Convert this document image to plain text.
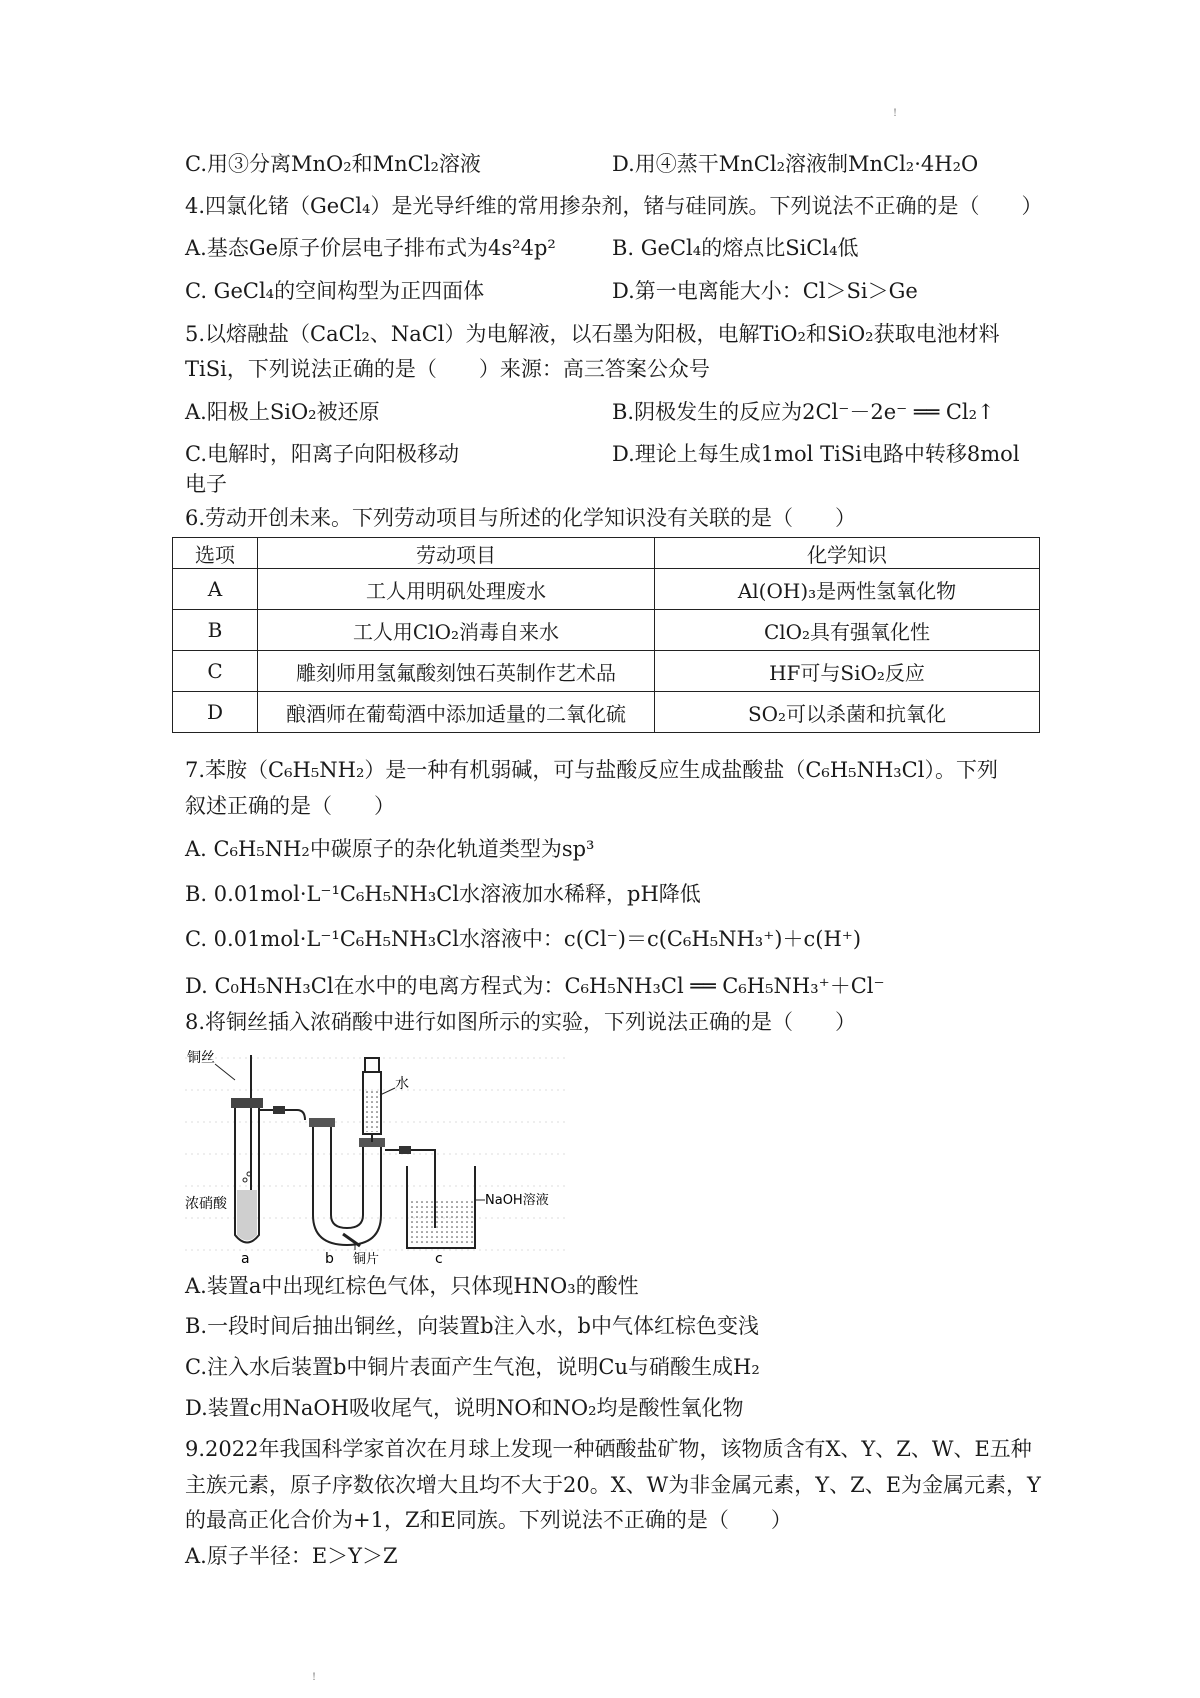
!
C.用③分离MnO₂和MnCl₂溶液	D.用④蒸干MnCl₂溶液制MnCl₂·4H₂O
4.四氯化锗（GeCl₄）是光导纤维的常用掺杂剂，锗与硅同族。下列说法不正确的是（　　）
A.基态Ge原子价层电子排布式为4s²4p²	B. GeCl₄的熔点比SiCl₄低
C. GeCl₄的空间构型为正四面体	D.第一电离能大小：Cl＞Si＞Ge
5.以熔融盐（CaCl₂、NaCl）为电解液，以石墨为阳极，电解TiO₂和SiO₂获取电池材料
TiSi，下列说法正确的是（　　）来源：高三答案公众号
A.阳极上SiO₂被还原	B.阴极发生的反应为2Cl⁻－2e⁻ ══ Cl₂↑
C.电解时，阳离子向阳极移动	D.理论上每生成1mol TiSi电路中转移8mol
电子
6.劳动开创未来。下列劳动项目与所述的化学知识没有关联的是（　　）
选项	劳动项目	化学知识
A	工人用明矾处理废水	Al(OH)₃是两性氢氧化物
B	工人用ClO₂消毒自来水	ClO₂具有强氧化性
C	雕刻师用氢氟酸刻蚀石英制作艺术品	HF可与SiO₂反应
D	酿酒师在葡萄酒中添加适量的二氧化硫	SO₂可以杀菌和抗氧化
7.苯胺（C₆H₅NH₂）是一种有机弱碱，可与盐酸反应生成盐酸盐（C₆H₅NH₃Cl）。下列
叙述正确的是（　　）
A. C₆H₅NH₂中碳原子的杂化轨道类型为sp³
B. 0.01mol·L⁻¹C₆H₅NH₃Cl水溶液加水稀释，pH降低
C. 0.01mol·L⁻¹C₆H₅NH₃Cl水溶液中：c(Cl⁻)＝c(C₆H₅NH₃⁺)＋c(H⁺)
D. C₀H₅NH₃Cl在水中的电离方程式为：C₆H₅NH₃Cl ══ C₆H₅NH₃⁺＋Cl⁻
8.将铜丝插入浓硝酸中进行如图所示的实验，下列说法正确的是（　　）
铜丝
水
浓硝酸	NaOH溶液
铜片
a	b	c
A.装置a中出现红棕色气体，只体现HNO₃的酸性
B.一段时间后抽出铜丝，向装置b注入水，b中气体红棕色变浅
C.注入水后装置b中铜片表面产生气泡，说明Cu与硝酸生成H₂
D.装置c用NaOH吸收尾气，说明NO和NO₂均是酸性氧化物
9.2022年我国科学家首次在月球上发现一种硒酸盐矿物，该物质含有X、Y、Z、W、E五种
主族元素，原子序数依次增大且均不大于20。X、W为非金属元素，Y、Z、E为金属元素，Y
的最高正化合价为+1，Z和E同族。下列说法不正确的是（　　）
A.原子半径：E＞Y＞Z
!
